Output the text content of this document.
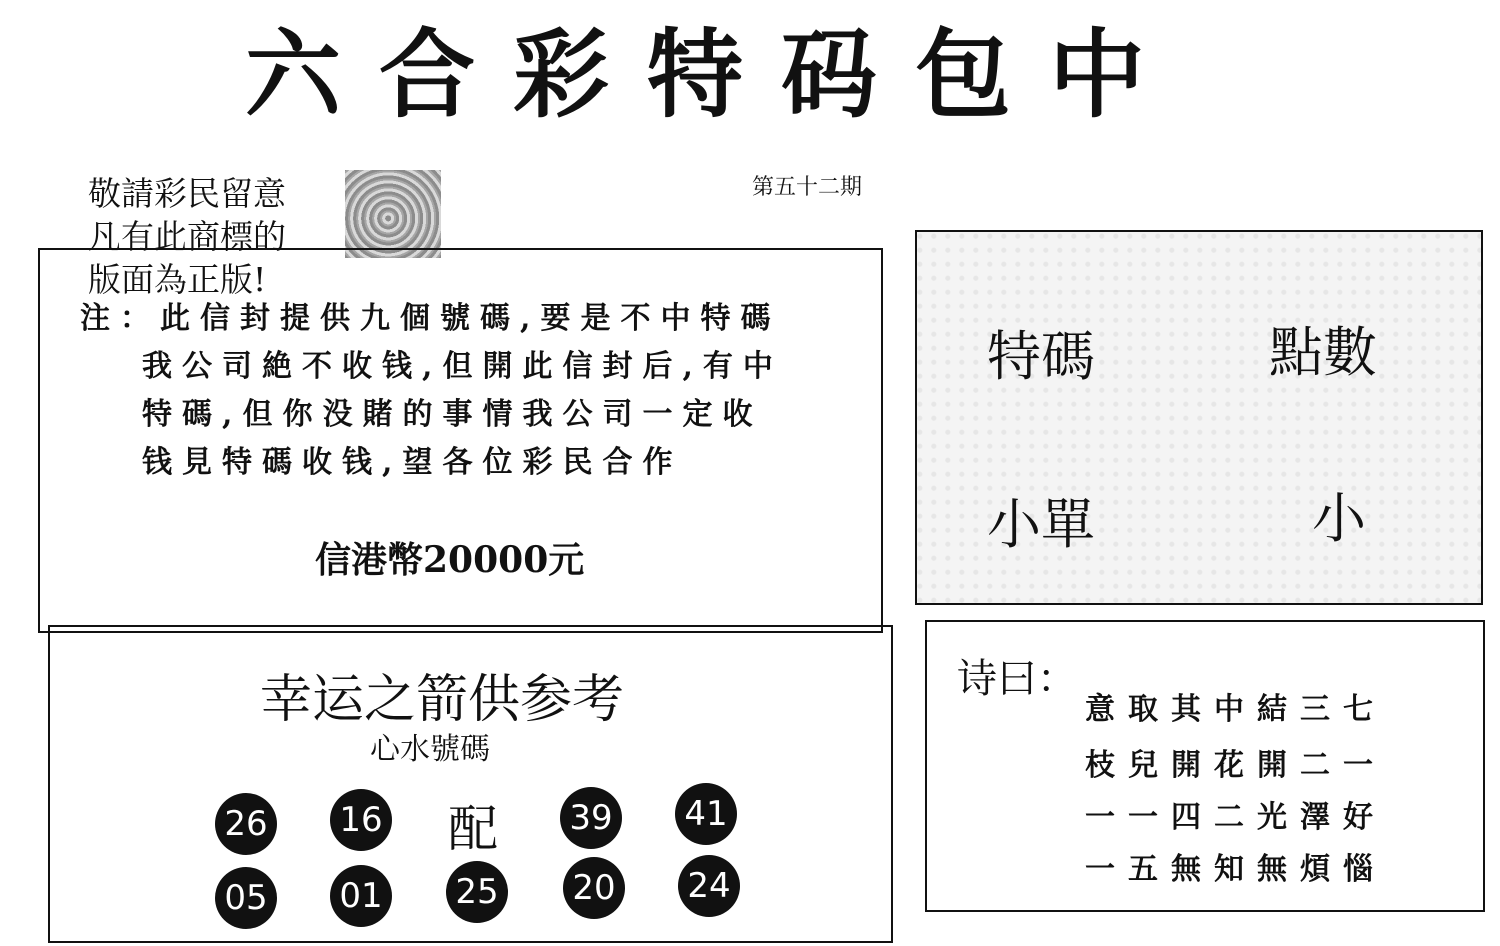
六合彩特码包中
敬請彩民留意
凡有此商標的
版面為正版!
第五十二期
注：此信封提供九個號碼,要是不中特碼
我公司絶不收钱,但開此信封后,有中
特碼,但你没賭的事情我公司一定收
钱見特碼收钱,望各位彩民合作
信港幣20000元
特碼	點數
小單	小
幸运之箭供参考
心水號碼
26 16 配 39 41
05 01 25 20 24
诗曰：
意取其中結三七
枝兒開花開二一
一一四二光澤好
一五無知無煩惱
